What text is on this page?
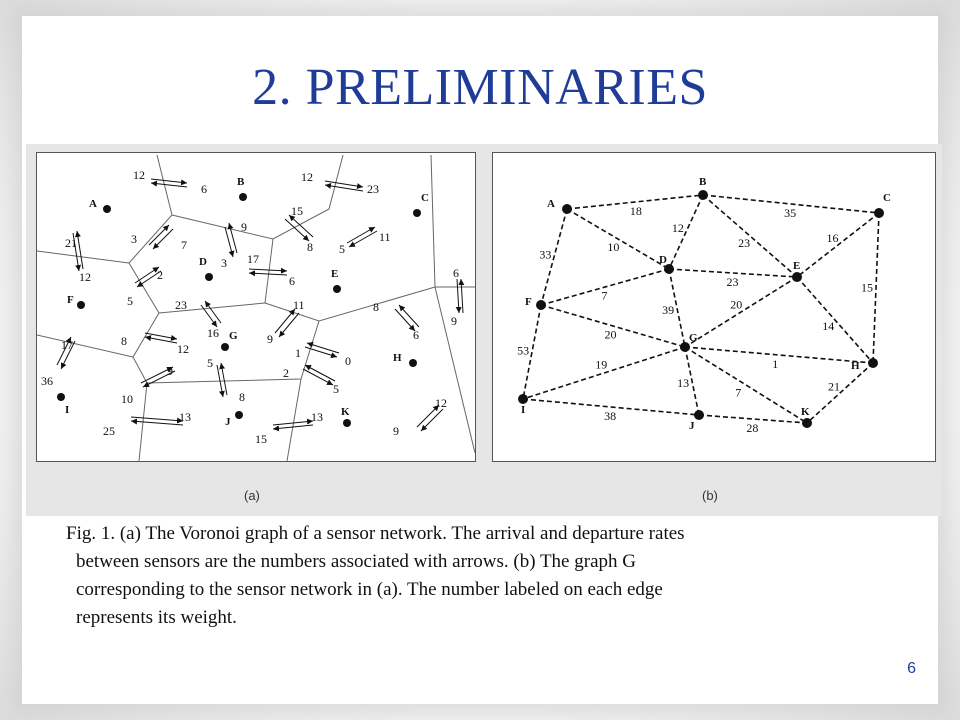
2. PRELIMINARIES
A
B
C
D
E
F
G
H
I
J
K
12
6
12
23
3	7
9
3
15
8 5
11
21
12	2
5
17
6
6
9
23
16
11
9
8
6
8
12
17
36
9
10
5
8
2
5
1
0
25
13
15
13
9
12
18	35
10
12
23	16
15
33
7
23
39	20
14
20
53
19	1
13
7	21
38
28
A
B
C
D	E
F
G
H
I
J
K
(a)	(b)
Fig. 1. (a) The Voronoi graph of a sensor network. The arrival and departure rates
between sensors are the numbers associated with arrows. (b) The graph G
corresponding to the sensor network in (a). The number labeled on each edge
represents its weight.
6
